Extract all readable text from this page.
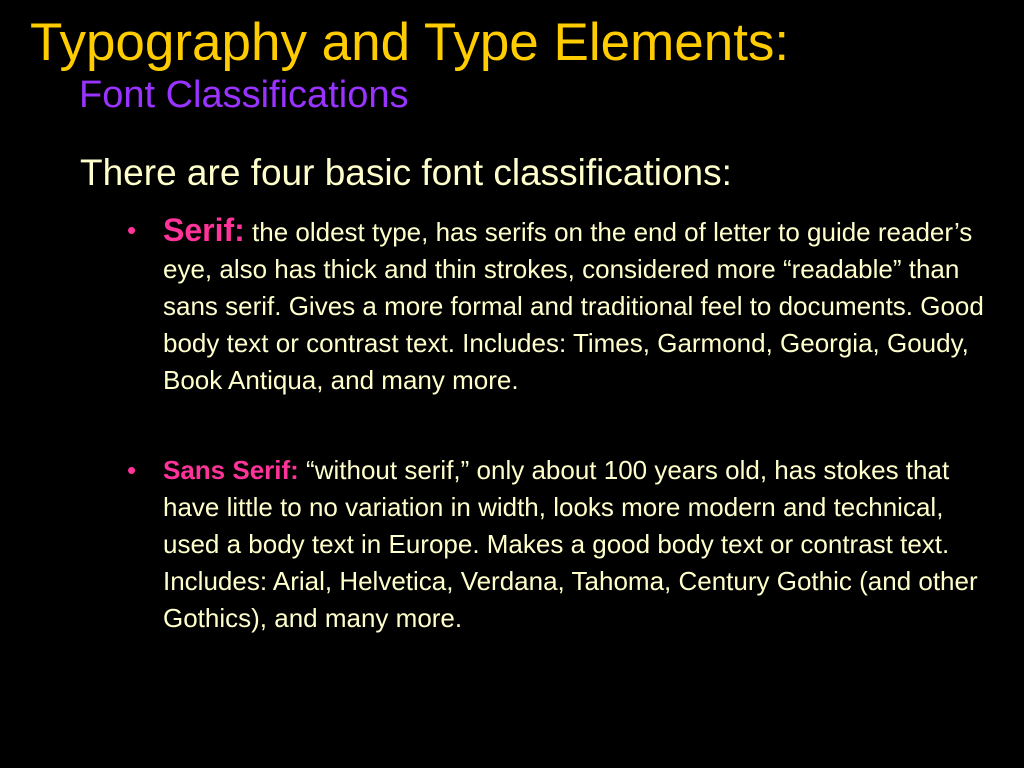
Typography and Type Elements:
Font Classifications

There are four basic font classifications:

• Serif: the oldest type, has serifs on the end of letter to guide reader’s eye, also has thick and thin strokes, considered more “readable” than sans serif. Gives a more formal and traditional feel to documents. Good body text or contrast text. Includes: Times, Garmond, Georgia, Goudy, Book Antiqua, and many more.
• Sans Serif: “without serif,” only about 100 years old, has stokes that have little to no variation in width, looks more modern and technical, used a body text in Europe. Makes a good body text or contrast text. Includes: Arial, Helvetica, Verdana, Tahoma, Century Gothic (and other Gothics), and many more.
